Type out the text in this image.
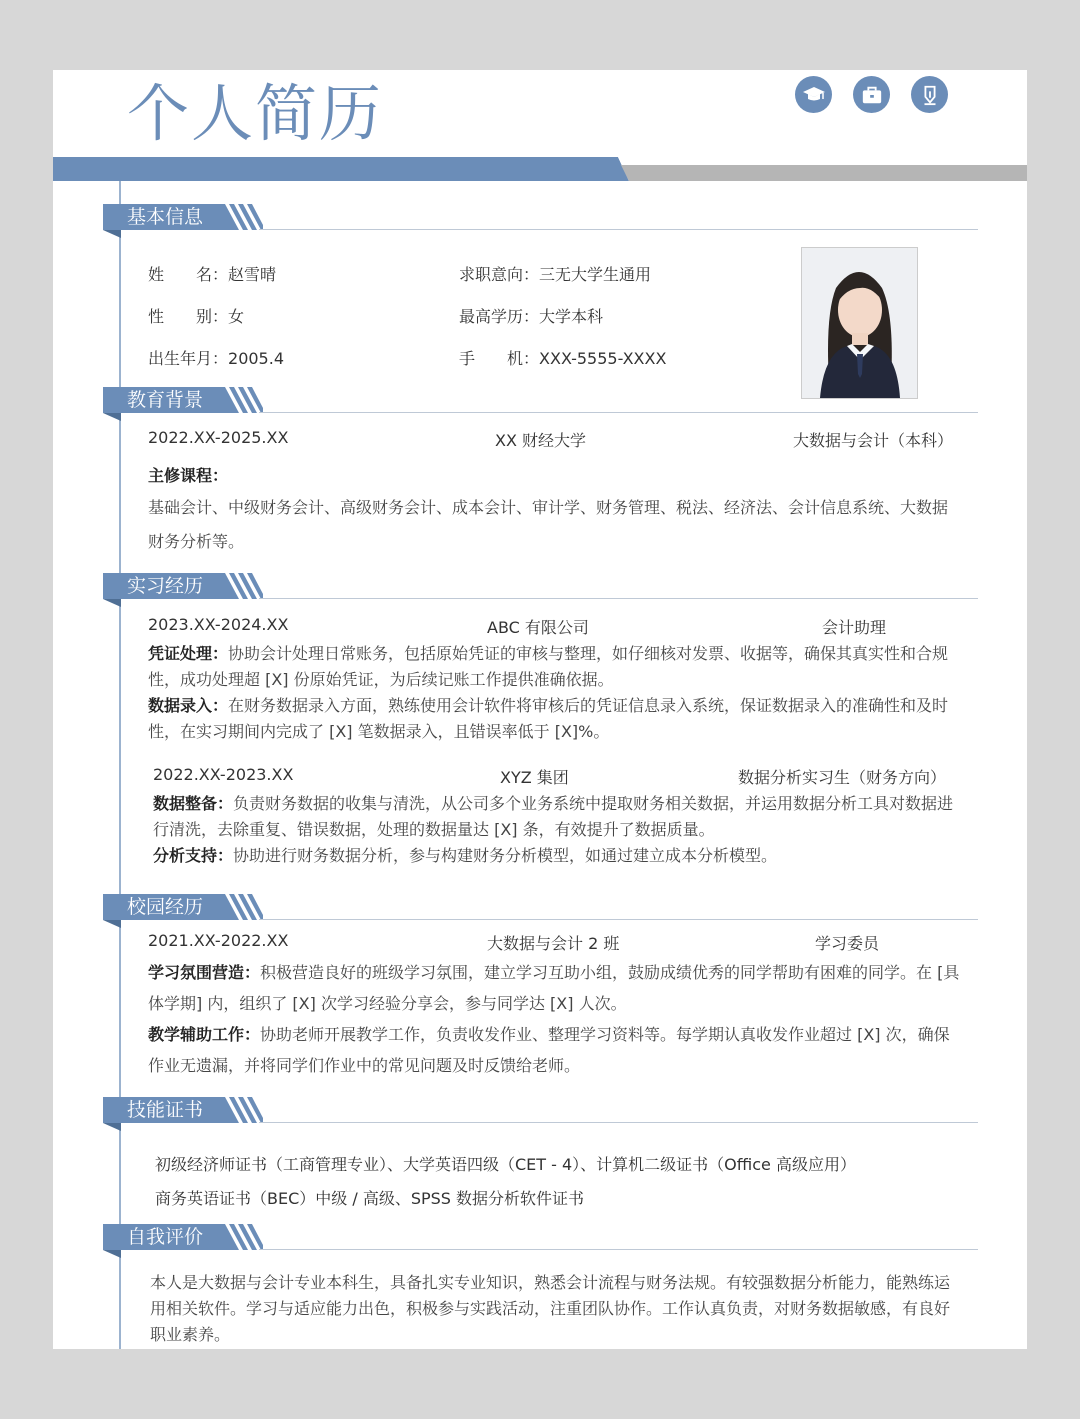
个人简历
基本信息
姓　　名：赵雪晴
性　　别：女
出生年月：2005.4
求职意向：三无大学生通用
最高学历：大学本科
手　　机：XXX-5555-XXXX
教育背景
2022.XX-2025.XX	XX 财经大学	大数据与会计（本科）
主修课程：
基础会计、中级财务会计、高级财务会计、成本会计、审计学、财务管理、税法、经济法、会计信息系统、大数据财务分析等。
实习经历
2023.XX-2024.XX	ABC 有限公司	会计助理
凭证处理：协助会计处理日常账务，包括原始凭证的审核与整理，如仔细核对发票、收据等，确保其真实性和合规性，成功处理超 [X] 份原始凭证，为后续记账工作提供准确依据。
数据录入：在财务数据录入方面，熟练使用会计软件将审核后的凭证信息录入系统，保证数据录入的准确性和及时性，在实习期间内完成了 [X] 笔数据录入，且错误率低于 [X]%。
2022.XX-2023.XX	XYZ 集团	数据分析实习生（财务方向）
数据整备：负责财务数据的收集与清洗，从公司多个业务系统中提取财务相关数据，并运用数据分析工具对数据进行清洗，去除重复、错误数据，处理的数据量达 [X] 条，有效提升了数据质量。
分析支持：协助进行财务数据分析，参与构建财务分析模型，如通过建立成本分析模型。
校园经历
2021.XX-2022.XX	大数据与会计 2 班	学习委员
学习氛围营造：积极营造良好的班级学习氛围，建立学习互助小组，鼓励成绩优秀的同学帮助有困难的同学。在 [具体学期] 内，组织了 [X] 次学习经验分享会，参与同学达 [X] 人次。
教学辅助工作：协助老师开展教学工作，负责收发作业、整理学习资料等。每学期认真收发作业超过 [X] 次，确保作业无遗漏，并将同学们作业中的常见问题及时反馈给老师。
技能证书
初级经济师证书（工商管理专业）、大学英语四级（CET - 4）、计算机二级证书（Office 高级应用）
商务英语证书（BEC）中级 / 高级、SPSS 数据分析软件证书
自我评价
本人是大数据与会计专业本科生，具备扎实专业知识，熟悉会计流程与财务法规。有较强数据分析能力，能熟练运用相关软件。学习与适应能力出色，积极参与实践活动，注重团队协作。工作认真负责，对财务数据敏感，有良好职业素养。
